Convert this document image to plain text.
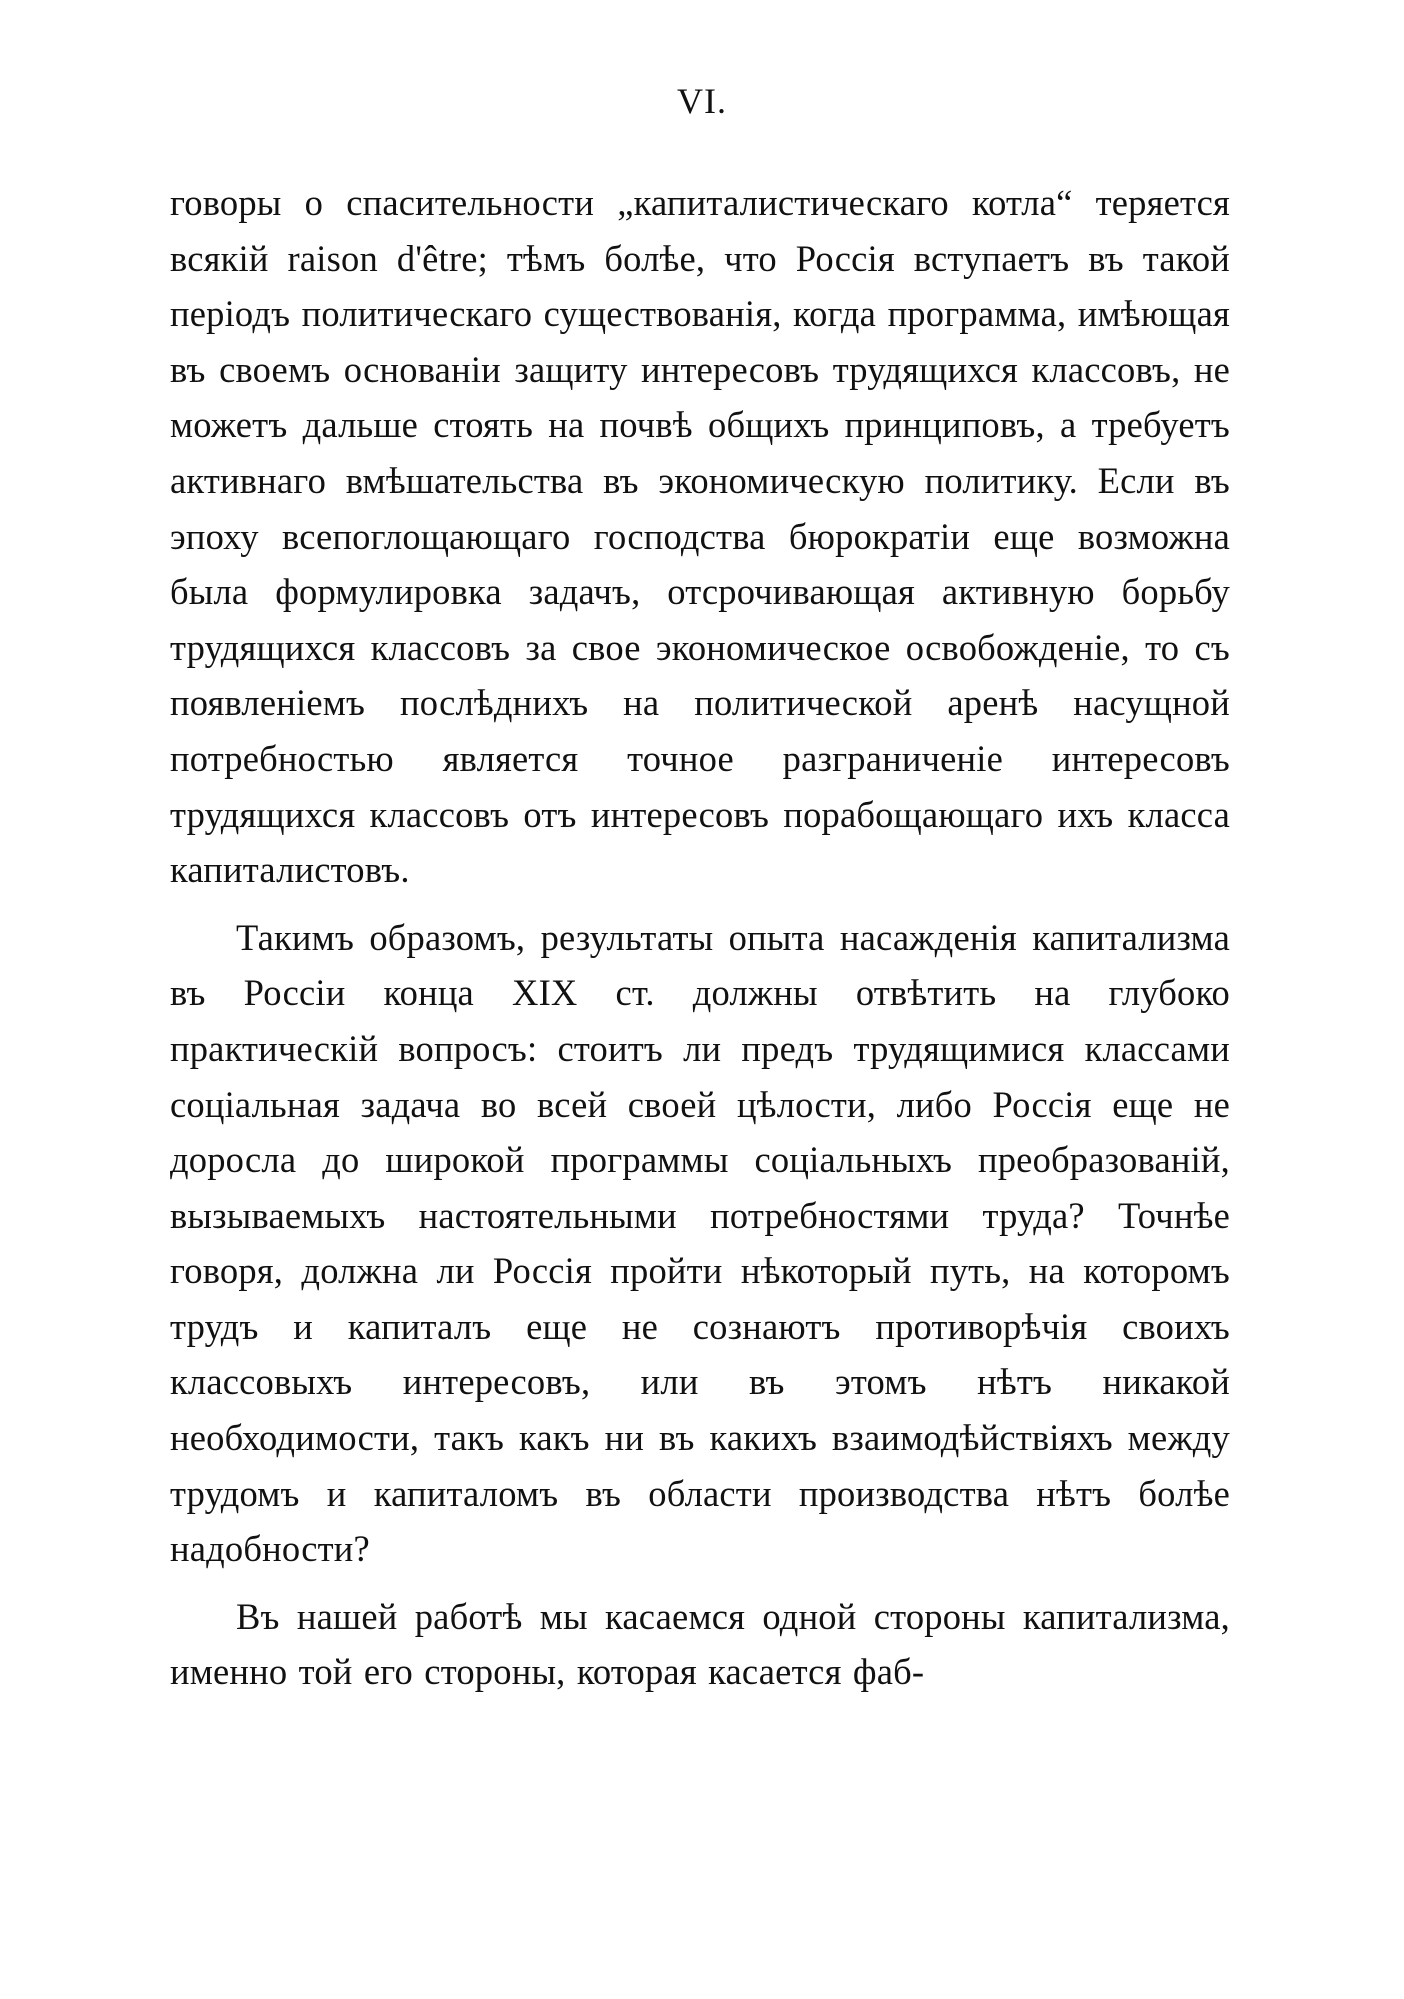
VI.

говоры о спасительности „капиталистическаго котла“ теряется всякій raison d'être; тѣмъ болѣе, что Россія вступаетъ въ такой періодъ политическаго существованія, когда программа, имѣющая въ своемъ основаніи защиту интересовъ трудящихся классовъ, не можетъ дальше стоять на почвѣ общихъ принциповъ, а требуетъ активнаго вмѣшательства въ экономическую политику. Если въ эпоху всепоглощающаго господства бюрократіи еще возможна была формулировка задачъ, отсрочивающая активную борьбу трудящихся классовъ за свое экономическое освобожденіе, то съ появленіемъ послѣднихъ на политической аренѣ насущной потребностью является точное разграниченіе интересовъ трудящихся классовъ отъ интересовъ порабощающаго ихъ класса капиталистовъ.

Такимъ образомъ, результаты опыта насажденія капитализма въ Россіи конца XIX ст. должны отвѣтить на глубоко практическій вопросъ: стоитъ ли предъ трудящимися классами соціальная задача во всей своей цѣлости, либо Россія еще не доросла до широкой программы соціальныхъ преобразованій, вызываемыхъ настоятельными потребностями труда? Точнѣе говоря, должна ли Россія пройти нѣкоторый путь, на которомъ трудъ и капиталъ еще не сознаютъ противорѣчія своихъ классовыхъ интересовъ, или въ этомъ нѣтъ никакой необходимости, такъ какъ ни въ какихъ взаимодѣйствіяхъ между трудомъ и капиталомъ въ области производства нѣтъ болѣе надобности?

Въ нашей работѣ мы касаемся одной стороны капитализма, именно той его стороны, которая касается фаб-
